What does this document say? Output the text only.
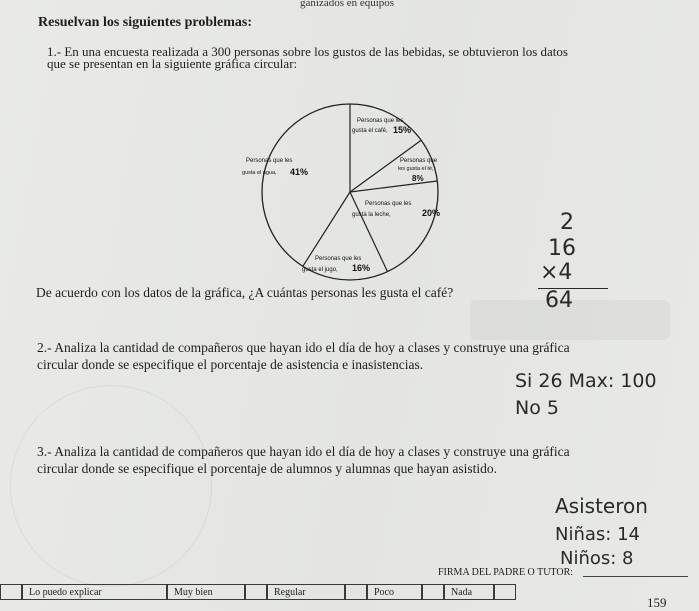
ganizados en equipos
Resuelvan los siguientes problemas:
1.- En una encuesta realizada a 300 personas sobre los gustos de las bebidas, se obtuvieron los datos
que se presentan en la siguiente gráfica circular:
Personas que les
gusta el café, 15%
Personas que
les gusta el té,
8%
Personas que les
gusta la leche,	20%
Personas que les
gusta el jugo, 16%
Personas que les
gusta el agua, 41%
De acuerdo con los datos de la gráfica, ¿A cuántas personas les gusta el café?
2
16
×4
64
2.- Analiza la cantidad de compañeros que hayan ido el día de hoy a clases y construye una gráfica
circular donde se especifique el porcentaje de asistencia e inasistencias.
Si 26 Max: 100
No 5
3.- Analiza la cantidad de compañeros que hayan ido el día de hoy a clases y construye una gráfica
circular donde se especifique el porcentaje de alumnos y alumnas que hayan asistido.
Asisteron
Niñas: 14
Niños: 8
FIRMA DEL PADRE O TUTOR:
Lo puedo explicar	Muy bien	Regular	Poco	Nada
159
